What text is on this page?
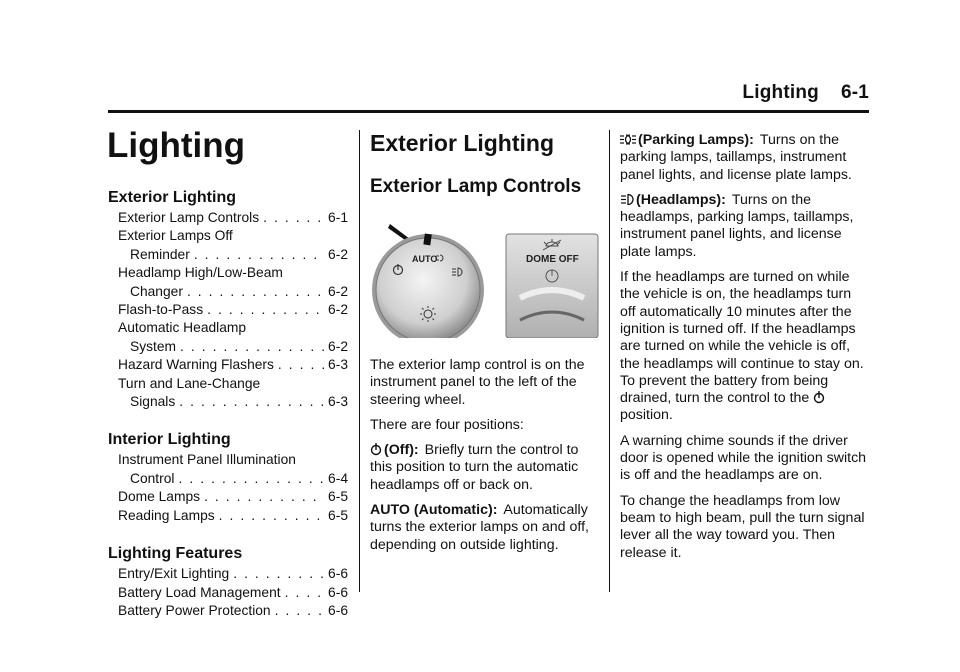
Lighting 6-1
Lighting
Exterior Lighting
Exterior Lamp Controls . . .	6-1
Exterior Lamps Off
Reminder . . .	6-2
Headlamp High/Low-Beam
Changer . . .	6-2
Flash-to-Pass . . .	6-2
Automatic Headlamp
System . . .	6-2
Hazard Warning Flashers . . .	6-3
Turn and Lane-Change
Signals . . .	6-3
Interior Lighting
Instrument Panel Illumination
Control . . .	6-4
Dome Lamps . . .	6-5
Reading Lamps . . .	6-5
Lighting Features
Entry/Exit Lighting . . .	6-6
Battery Load Management . . .	6-6
Battery Power Protection . . .	6-6
Exterior Lighting
Exterior Lamp Controls
AUTO	DOME OFF

The exterior lamp control is on the instrument panel to the left of the steering wheel.

There are four positions:

(Off): Briefly turn the control to this position to turn the automatic headlamps off or back on.

AUTO (Automatic): Automatically turns the exterior lamps on and off, depending on outside lighting.

(Parking Lamps): Turns on the parking lamps, taillamps, instrument panel lights, and license plate lamps.

(Headlamps): Turns on the headlamps, parking lamps, taillamps, instrument panel lights, and license plate lamps.

If the headlamps are turned on while the vehicle is on, the headlamps turn off automatically 10 minutes after the ignition is turned off. If the headlamps are turned on while the vehicle is off, the headlamps will continue to stay on. To prevent the battery from being drained, turn the control to the position.

A warning chime sounds if the driver door is opened while the ignition switch is off and the headlamps are on.

To change the headlamps from low beam to high beam, pull the turn signal lever all the way toward you. Then release it.
